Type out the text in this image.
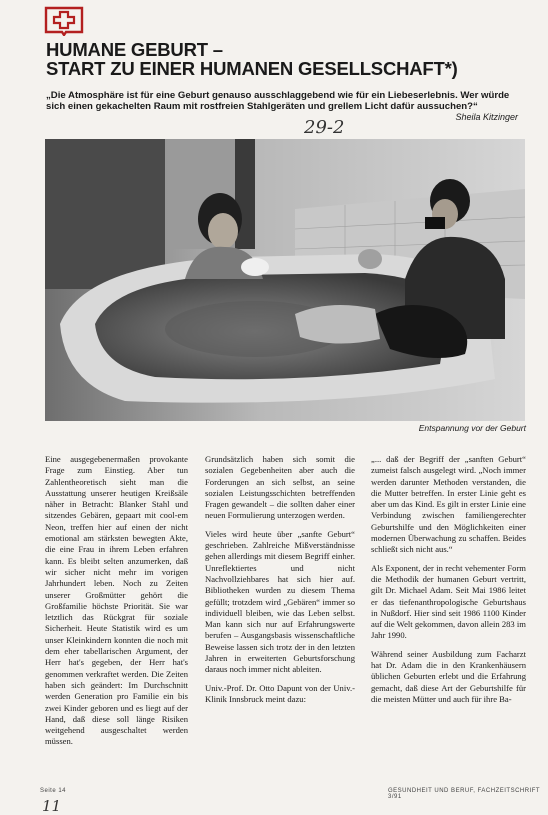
HUMANE GEBURT –
START ZU EINER HUMANEN GESELLSCHAFT*)

„Die Atmosphäre ist für eine Geburt genauso ausschlaggebend wie für ein Liebeserlebnis. Wer würde sich einen gekachelten Raum mit rostfreien Stahlgeräten und grellem Licht dafür aussuchen?“

Sheila Kitzinger
29-2
Entspannung vor der Geburt

Eine ausgegebenermaßen provokante Frage zum Einstieg. Aber tun Zahlentheoretisch sieht man die Ausstattung unserer heutigen Kreißsäle näher in Betracht: Blanker Stahl und sitzendes Gebären, gepaart mit cool-em Neon, treffen hier auf einen der nicht emotional am stärksten bewegten Akte, die eine Frau in ihrem Leben erfahren kann. Es bleibt selten anzumerken, daß wir sicher nicht mehr im vorigen Jahrhundert leben. Noch zu Zeiten unserer Großmütter gehört die Großfamilie höchste Priorität. Sie war letztlich das Rückgrat für soziale Sicherheit. Heute Statistik wird es um unser Kleinkindern konnten die noch mit dem eher tabellarischen Argument, der Herr hat's gegeben, der Herr hat's genommen verkraftet werden. Die Zeiten haben sich geändert: Im Durchschnitt werden Generation pro Familie ein bis zwei Kinder geboren und es liegt auf der Hand, daß diese soll länge Risiken weitgehend ausgeschaltet werden müssen.

Grundsätzlich haben sich somit die sozialen Gegebenheiten aber auch die Forderungen an sich selbst, an seine sozialen Leistungsschichten betreffenden Fragen gewandelt – die sollten daher einer neuen Formulierung unterzogen werden.

Vieles wird heute über „sanfte Geburt“ geschrieben. Zahlreiche Mißverständnisse gehen allerdings mit diesem Begriff einher. Unreflektiertes und nicht Nachvollziehbares hat sich hier auf. Bibliotheken wurden zu diesem Thema gefüllt; trotzdem wird „Gebären“ immer so individuell bleiben, wie das Leben selbst. Man kann sich nur auf Erfahrungswerte berufen – Ausgangsbasis wissenschaftliche Beweise lassen sich trotz der in den letzten Jahren in erweiterten Geburtsforschung daraus noch immer nicht ableiten.

Univ.-Prof. Dr. Otto Dapunt von der Univ.-Klinik Innsbruck meint dazu:

„... daß der Begriff der „sanften Geburt“ zumeist falsch ausgelegt wird. „Noch immer werden darunter Methoden verstanden, die die Mutter betreffen. In erster Linie geht es aber um das Kind. Es gilt in erster Linie eine Verbindung zwischen familiengerechter Geburtshilfe und den Möglichkeiten einer modernen Überwachung zu schaffen. Beides schließt sich nicht aus.“

Als Exponent, der in recht vehementer Form die Methodik der humanen Geburt vertritt, gilt Dr. Michael Adam. Seit Mai 1986 leitet er das tiefenanthropologische Geburtshaus in Nußdorf. Hier sind seit 1986 1100 Kinder auf die Welt gekommen, davon allein 283 im Jahr 1990.

Während seiner Ausbildung zum Facharzt hat Dr. Adam die in den Krankenhäusern üblichen Geburten erlebt und die Erfahrung gemacht, daß diese Art der Geburtshilfe für die meisten Mütter und auch für ihre Ba-

Seite 14	GESUNDHEIT UND BERUF, FACHZEITSCHRIFT 3/91
11
